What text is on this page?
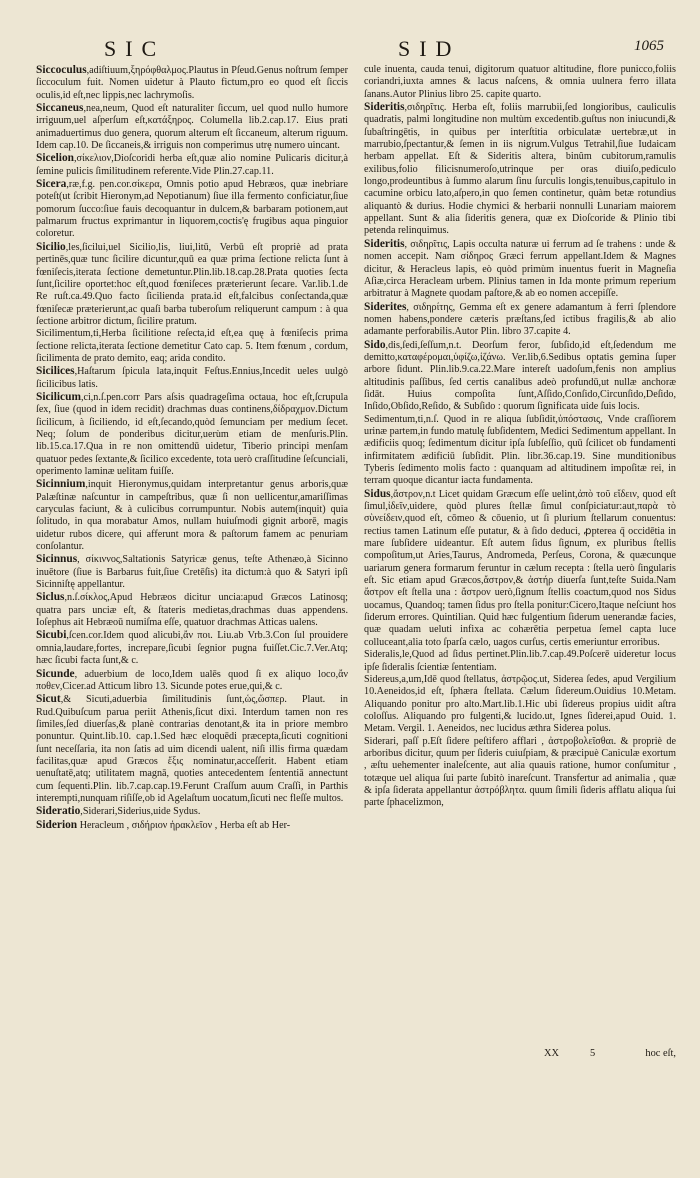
SIC	SID	1065

Siccoculus,adiſtiuum,ξηρόφθαλμος.Plautus in Pſeud.Genus noſtrum ſemper ſiccoculum fuit. Nomen uidetur à Plauto fictum,pro eo quod eſt ſiccis oculis,id eſt,nec lippis,nec lachrymoſis.

Siccaneus,nea,neum, Quod eſt naturaliter ſiccum, uel quod nullo humore irriguum,uel aſperſum eſt,κατάξηρος. Columella lib.2.cap.17. Eius prati animaduertimus duo genera, quorum alterum eſt ſiccaneum, alterum riguum. Idem cap.10. De ſiccaneis,& irriguis non comperimus utrę numero uincant.

Sicelion,σίκελιον,Dioſcoridi herba eſt,quæ alio nomine Pulicaris dicitur,à ſemine pulicis ſimilitudinem referente.Vide Plin.27.cap.11.

Sicera,ræ,f.g. pen.cor.σίκερα, Omnis potio apud Hebræos, quæ inebriare poteſt(ut ſcribit Hieronym,ad Nepotianum) ſiue illa fermento conficiatur,ſiue pomorum ſucco:ſiue fauis decoquantur in dulcem,& barbaram potionem,aut palmarum fructus exprimantur in liquorem,coctis'ę frugibus aqua pinguior coloretur.

Sicilio,les,ſicilui,uel Sicilio,lis, liui,litū, Verbū eſt propriè ad prata pertinēs,quæ tunc ſicilire dicuntur,quū ea quæ prima ſectione relicta ſunt à fœniſecis,iterata ſectione demetuntur.Plin.lib.18.cap.28.Prata quoties ſecta ſunt,ſicilire oportet:hoc eſt,quod fœniſeces præterierunt ſecare. Var.lib.1.de Re ruſt.ca.49.Quo facto ſicilienda prata.id eſt,falcibus conſectanda,quæ fœniſecæ præterierunt,ac quaſi barba tuberoſum reliquerunt campum : à qua ſectione arbitror dictum, ſicilire pratum.

Sicilimentum,ti,Herba ſicilitione reſecta,id eſt,ea quę à fœniſecis prima ſectione relicta,iterata ſectione demetitur Cato cap. 5. Item fœnum , cordum, ſicilimenta de prato demito, eaq; arida condito.

Sicilices,Haſtarum ſpicula lata,inquit Feſtus.Ennius,Incedit ueles uulgò ſicilicibus latis.

Sicilicum,ci,n.ſ.pen.corr Pars aſsis quadrageſima octaua, hoc eſt,ſcrupula ſex, ſiue (quod in idem recidit) drachmas duas continens,δίδραχμον.Dictum ſicilicum, à ſiciliendo, id eſt,ſecando,quòd ſemunciam per medium ſecet. Neq; ſolum de ponderibus dicitur,uerùm etiam de menſuris.Plin. lib.15.ca.17.Qua in re non omittendū uidetur, Tiberio principi menſam quatuor pedes ſextante,& ſicilico excedente, tota uerò craſſitudine ſeſcunciali, operimento laminæ uelitam fuiſſe.

Sicinnium,inquit Hieronymus,quidam interpretantur genus arboris,quæ Palæſtinæ naſcuntur in campeſtribus, quæ ſi non uellicentur,amariſſimas caryculas faciunt, & à culicibus corrumpuntur. Nobis autem(inquit) quia ſolitudo, in qua morabatur Amos, nullam huiuſmodi gignit arborē, magis uidetur rubos dicere, qui afferunt mora & paſtorum famem ac penuriam conſolantur.

Sicinnus, σίκιννος,Saltationis Satyricæ genus, teſte Athenæo,à Sicinno inuētore (ſiue is Barbarus fuit,ſiue Cretēſis) ita dictum:à quo & Satyri ipſi Sicinniſtę appellantur.

Siclus,n.ſ.σίκλος,Apud Hebræos dicitur uncia:apud Græcos Latinosq; quatra pars unciæ eſt, & ſtateris medietas,drachmas duas appendens. Ioſephus ait Hebræoū numiſma eſſe, quatuor drachmas Atticas ualens.

Sicubi,ſcen.cor.Idem quod alicubi,ἄν ποι. Liu.ab Vrb.3.Con ſul prouidere omnia,laudare,fortes, increpare,ſicubi ſegnior pugna fuiſſet.Cic.7.Ver.Atq; hæc ſicubi facta ſunt,& c.

Sicunde, aduerbium de loco,Idem ualēs quod ſi ex aliquo loco,ἄν ποθεν,Cicer.ad Atticum libro 13. Sicunde potes erue,qui,& c.

Sicut,& Sicuti,aduerbia ſimilitudinis ſunt,ὡς,ὥσπερ. Plaut. in Rud.Quibuſcum parua periit Athenis,ſicut dixi. Interdum tamen non res ſimiles,ſed diuerſas,& planè contrarias denotant,& ita in priore membro ponuntur. Quint.lib.10. cap.1.Sed hæc eloquēdi præcepta,ſicuti cognitioni ſunt neceſſaria, ita non ſatis ad uim dicendi ualent, niſi illis firma quædam facilitas,quæ apud Græcos ἕξις nominatur,acceſſerit. Habent etiam uenuſtatē,atq; utilitatem magnā, quoties antecedentem ſententiā annectunt cum ſequenti.Plin. lib.7.cap.cap.19.Ferunt Craſſum auum Craſſi, in Parthis interempti,nunquam riſiſſe,ob id Agelaſtum uocatum,ſicuti nec fleſſe multos.

Sideratio,Siderari,Siderius,uide Sydus.

Siderion Heracleum , σιδήριον ἡρακλεῖον , Herba eſt ab Her-

cule inuenta, cauda tenui, digitorum quatuor altitudine, flore punicco,foliis coriandri,iuxta amnes & lacus naſcens, & omnia uulnera ferro illata ſanans.Autor Plinius libro 25. capite quarto.

Sideritis,σιδηρῖτις. Herba eſt, foliis marrubii,ſed longioribus, cauliculis quadratis, palmi longitudine non multùm excedentib.guſtus non iniucundi,& ſubaſtringētis, in quibus per interſtitia orbiculatæ uertebræ,ut in marrubio,ſpectantur,& ſemen in iis nigrum.Vulgus Tetrahil,ſiue Iudaicam herbam appellat. Eſt & Sideritis altera, binûm cubitorum,ramulis exilibus,folio filicisnumeroſo,utrinque per oras diuiſo,pediculo longo,prodeuntibus à ſummo alarum ſinu ſurculis longis,tenuibus,capitulo in cacumine orbicu lato,aſpero,in quo ſemen continetur, quàm betæ rotundius aliquantò & durius. Hodie chymici & herbarii nonnulli Lunariam maiorem appellant. Sunt & alia ſideritis genera, quæ ex Dioſcoride & Plinio tibi petenda relinquimus.

Sideritis, σιδηρῖτις, Lapis occulta naturæ ui ferrum ad ſe trahens : unde & nomen accepit. Nam σίδηρος Græci ferrum appellant.Idem & Magnes dicitur, & Heracleus lapis, eò quòd primùm inuentus fuerit in Magneſia Aſiæ,circa Heracleam urbem. Plinius tamen in Ida monte primum reperium arbitratur à Magnete quodam paſtore,& ab eo nomen accepiſſe.

Siderites, σιδηρίτης, Gemma eſt ex genere adamantum à ferri ſplendore nomen habens,pondere cæteris præſtans,ſed ictibus fragilis,& ab alio adamante perforabilis.Autor Plin. libro 37.capite 4.

Sido,dis,ſedi,ſeſſum,n.t. Deorſum feror, ſubſido,id eſt,ſedendum me demitto,καταφέρομαι,ὑφίζω,ἱζάνω. Ver.lib,6.Sedibus optatis gemina ſuper arbore ſidunt. Plin.lib.9.ca.22.Mare intereſt uadoſum,fenis non amplius altitudinis paſſibus, ſed certis canalibus adeò profundū,ut nullæ anchoræ ſidāt. Huius compoſita ſunt,Aſſido,Conſido,Circunſido,Deſido, Inſido,Obſido,Reſido, & Subſido : quorum ſignificata uide ſuis locis.

Sedimentum,ti,n.ſ. Quod in re aliqua ſubſidit,ὑπόστασις, Vnde craſſiorem urinæ partem,in fundo matulę ſubſidentem, Medici Sedimentum appellant. In ædificiis quoq; ſedimentum dicitur ipſa ſubſeſſio, quū ſcilicet ob fundamenti infirmitatem ædificiū ſubſidit. Plin. libr.36.cap.19. Sine munditionibus Tyberis ſedimento molis facto : quanquam ad altitudinem impoſitæ rei, in terram quoque dicantur iacta fundamenta.

Sidus,ἄστρον,n.t Licet quidam Græcum eſſe uelint,ἀπὸ τοῦ εἴδειν, quod eſt ſimul,ἰδεῖν,uidere, quòd plures ſtellæ ſimul conſpiciatur:aut,παρὰ τὸ σὺνείδειν,quod eſt, cōmeo & cōuenio, ut ſi plurium ſtellarum conuentus: rectius tamen Latinum eſſe putatur, & à ſido deduci, ꝓpterea q̄ occidētia in mare ſubſidere uideantur. Eſt autem ſidus ſignum, ex pluribus ſtellis compoſitum,ut Aries,Taurus, Andromeda, Perſeus, Corona, & quæcunque uariarum genera formarum feruntur in cælum recepta : ſtella uerò ſingularis eſt. Sic etiam apud Græcos,ἄστρον,& ἀστήρ diuerſa ſunt,teſte Suida.Nam ἄστρον eſt ſtella una : ἄστρον uerò,ſignum ſtellis coactum,quod nos Sidus uocamus, Quandoq; tamen ſidus pro ſtella ponitur:Cicero,Itaque neſciunt hos ſiderum errores. Quintilian. Quid hæc fulgentium ſiderum uenerandæ facies, quæ quadam ueluti infixa ac cohærētia perpetua ſemel capta luce colluceant,alia toto ſparſa cælo, uagos curſus, certis emeriuntur erroribus.

Sideralis,le,Quod ad ſidus pertinet.Plin.lib.7.cap.49.Poſcerē uideretur locus ipſe ſideralis ſcientiæ ſententiam.

Sidereus,a,um,Idē quod ſtellatus, ἀστρῷος.ut, Siderea ſedes, apud Vergilium 10.Aeneidos,id eſt, ſphæra ſtellata. Cælum ſidereum.Ouidius 10.Metam. Aliquando ponitur pro alto.Mart.lib.1.Hic ubi ſidereus propius uidit aſtra coloſſus. Aliquando pro fulgenti,& lucido.ut, Ignes ſiderei,apud Ouid. 1. Metam. Vergil. 1. Aeneidos, nec lucidus æthra Siderea polus.

Siderari, paſſ p.Eſt ſidere peſtifero afflari , ἀστροβολεῖσθαι. & propriè de arboribus dicitur, quum per ſideris cuiuſpiam, & præcipuè Caniculæ exortum , æſtu uehementer inaleſcente, aut alia quauis ratione, humor conſumitur , totæque uel aliqua ſui parte ſubitò inareſcunt. Transfertur ad animalia , quæ & ipſa ſiderata appellantur ἀστρόβλητα. quum ſimili ſideris afflatu aliqua ſui parte ſphacelizmon,

XX	5	hoc eſt,
